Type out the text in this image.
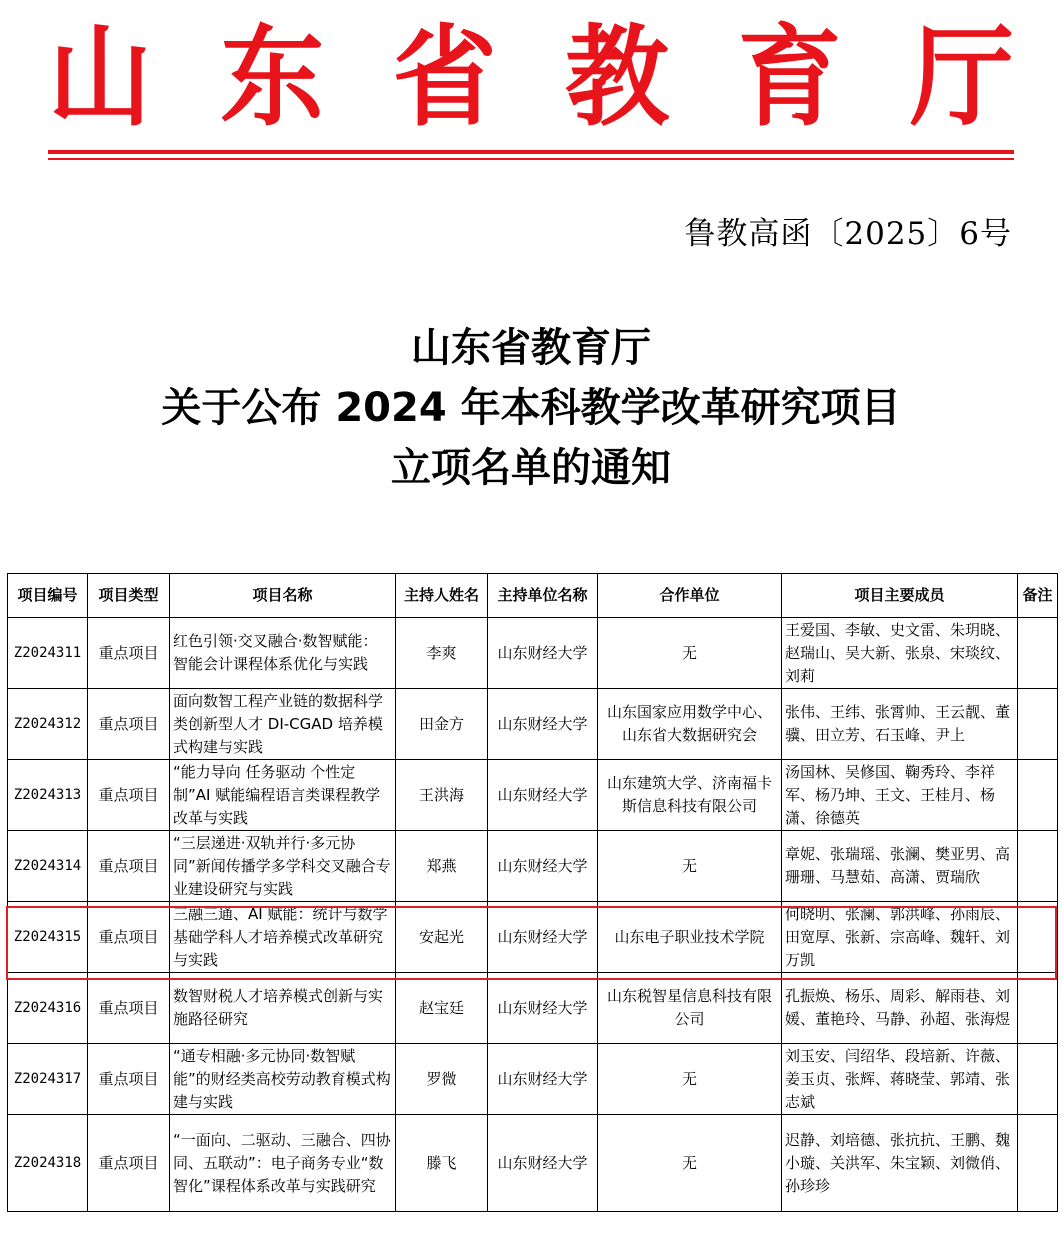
山 东 省 教 育 厅
鲁教高函〔2025〕6号
山东省教育厅
关于公布 2024 年本科教学改革研究项目
立项名单的通知
项目编号	项目类型	项目名称	主持人姓名	主持单位名称	合作单位	项目主要成员	备注
Z2024311	重点项目	红色引领·交叉融合·数智赋能：智能会计课程体系优化与实践	李爽	山东财经大学	无	王爱国、李敏、史文雷、朱玥晓、赵瑞山、吴大新、张泉、宋琰纹、刘莉	
Z2024312	重点项目	面向数智工程产业链的数据科学类创新型人才 DI-CGAD 培养模式构建与实践	田金方	山东财经大学	山东国家应用数学中心、山东省大数据研究会	张伟、王纬、张霄帅、王云靓、董骥、田立芳、石玉峰、尹上	
Z2024313	重点项目	“能力导向 任务驱动 个性定制”AI 赋能编程语言类课程教学改革与实践	王洪海	山东财经大学	山东建筑大学、济南福卡斯信息科技有限公司	汤国林、吴修国、鞠秀玲、李祥军、杨乃坤、王文、王桂月、杨潇、徐德英	
Z2024314	重点项目	“三层递进·双轨并行·多元协同”新闻传播学多学科交叉融合专业建设研究与实践	郑燕	山东财经大学	无	章妮、张瑞瑶、张澜、樊亚男、高珊珊、马慧茹、高潇、贾瑞欣	
Z2024315	重点项目	三融三通、AI 赋能：统计与数学基础学科人才培养模式改革研究与实践	安起光	山东财经大学	山东电子职业技术学院	何晓明、张澜、郭洪峰、孙雨辰、田宽厚、张新、宗高峰、魏轩、刘万凯	
Z2024316	重点项目	数智财税人才培养模式创新与实施路径研究	赵宝廷	山东财经大学	山东税智星信息科技有限公司	孔振焕、杨乐、周彩、解雨巷、刘媛、董艳玲、马静、孙超、张海煜	
Z2024317	重点项目	“通专相融·多元协同·数智赋能”的财经类高校劳动教育模式构建与实践	罗微	山东财经大学	无	刘玉安、闫绍华、段培新、许薇、姜玉贞、张辉、蒋晓莹、郭靖、张志斌	
Z2024318	重点项目	“一面向、二驱动、三融合、四协同、五联动”：电子商务专业“数智化”课程体系改革与实践研究	滕飞	山东财经大学	无	迟静、刘培德、张抗抗、王鹏、魏小璇、关洪军、朱宝颖、刘微俏、孙珍珍	
